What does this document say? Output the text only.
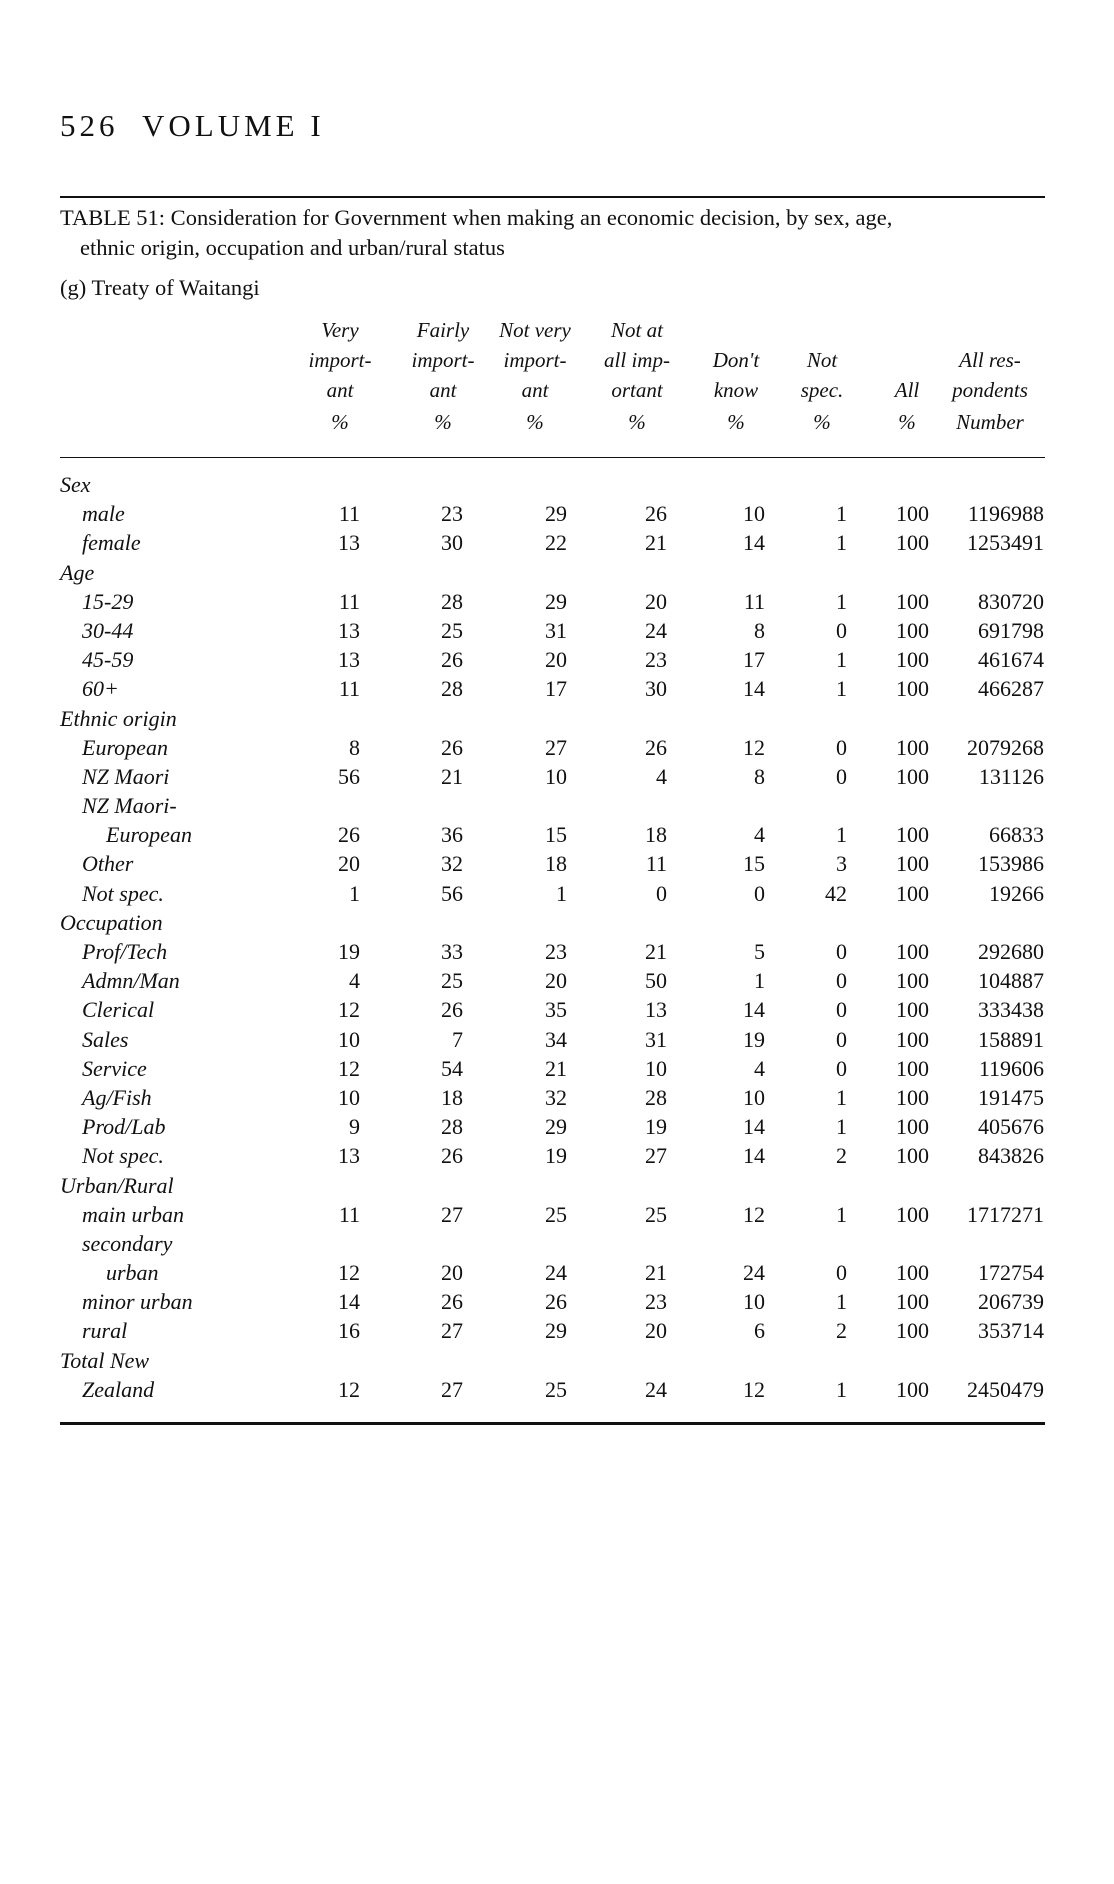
526 VOLUME I
TABLE 51: Consideration for Government when making an economic decision, by sex, age,
ethnic origin, occupation and urban/rural status
(g) Treaty of Waitangi
Very
import-
ant
%
Fairly
import-
ant
%
Not very
import-
ant
%
Not at
all imp-
ortant
%
Don't
know
%
Not
spec.
%
All
%
All res-
pondents
Number
Sex
male	11	23	29	26	10	1 100 1196988
female	13	30	22	21	14	1 100 1253491
Age
15-29	11	28	29	20	11	1 100 830720
30-44	13	25	31	24	8	0 100 691798
45-59	13	26	20	23	17	1 100 461674
60+	11	28	17	30	14	1 100 466287
Ethnic origin
European	8	26	27	26	12	0 100 2079268
NZ Maori	56	21	10	4	8	0 100 131126
NZ Maori-
European	26	36	15	18	4	1 100	66833
Other	20	32	18	11	15	3 100 153986
Not spec.	1	56	1	0	0	42 100	19266
Occupation
Prof/Tech	19	33	23	21	5	0 100 292680
Admn/Man	4	25	20	50	1	0 100 104887
Clerical	12	26	35	13	14	0 100 333438
Sales	10	7	34	31	19	0 100 158891
Service	12	54	21	10	4	0 100 119606
Ag/Fish	10	18	32	28	10	1 100 191475
Prod/Lab	9	28	29	19	14	1 100 405676
Not spec.	13	26	19	27	14	2 100 843826
Urban/Rural
main urban	11	27	25	25	12	1 100 1717271
secondary
urban	12	20	24	21	24	0 100 172754
minor urban	14	26	26	23	10	1 100 206739
rural	16	27	29	20	6	2 100 353714
Total New
Zealand	12	27	25	24	12	1 100 2450479
